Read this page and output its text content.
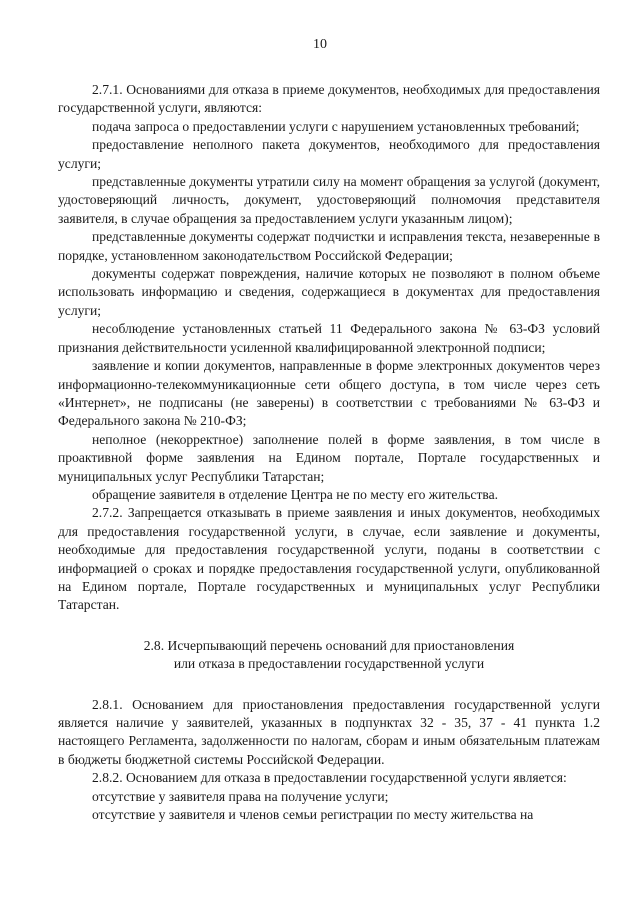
10

2.7.1. Основаниями для отказа в приеме документов, необходимых для предоставления государственной услуги, являются:

подача запроса о предоставлении услуги с нарушением установленных требований;

предоставление неполного пакета документов, необходимого для предоставления услуги;

представленные документы утратили силу на момент обращения за услугой (документ, удостоверяющий личность, документ, удостоверяющий полномочия представителя заявителя, в случае обращения за предоставлением услуги указанным лицом);

представленные документы содержат подчистки и исправления текста, незаверенные в порядке, установленном законодательством Российской Федерации;

документы содержат повреждения, наличие которых не позволяют в полном объеме использовать информацию и сведения, содержащиеся в документах для предоставления услуги;

несоблюдение установленных статьей 11 Федерального закона № 63-ФЗ условий признания действительности усиленной квалифицированной электронной подписи;

заявление и копии документов, направленные в форме электронных документов через информационно-телекоммуникационные сети общего доступа, в том числе через сеть «Интернет», не подписаны (не заверены) в соответствии с требованиями № 63-ФЗ и Федерального закона № 210-ФЗ;

неполное (некорректное) заполнение полей в форме заявления, в том числе в проактивной форме заявления на Едином портале, Портале государственных и муниципальных услуг Республики Татарстан;

обращение заявителя в отделение Центра не по месту его жительства.

2.7.2. Запрещается отказывать в приеме заявления и иных документов, необходимых для предоставления государственной услуги, в случае, если заявление и документы, необходимые для предоставления государственной услуги, поданы в соответствии с информацией о сроках и порядке предоставления государственной услуги, опубликованной на Едином портале, Портале государственных и муниципальных услуг Республики Татарстан.

2.8. Исчерпывающий перечень оснований для приостановления

или отказа в предоставлении государственной услуги

2.8.1. Основанием для приостановления предоставления государственной услуги является наличие у заявителей, указанных в подпунктах 32 - 35, 37 - 41 пункта 1.2 настоящего Регламента, задолженности по налогам, сборам и иным обязательным платежам в бюджеты бюджетной системы Российской Федерации.

2.8.2. Основанием для отказа в предоставлении государственной услуги является:

отсутствие у заявителя права на получение услуги;

отсутствие у заявителя и членов семьи регистрации по месту жительства на
